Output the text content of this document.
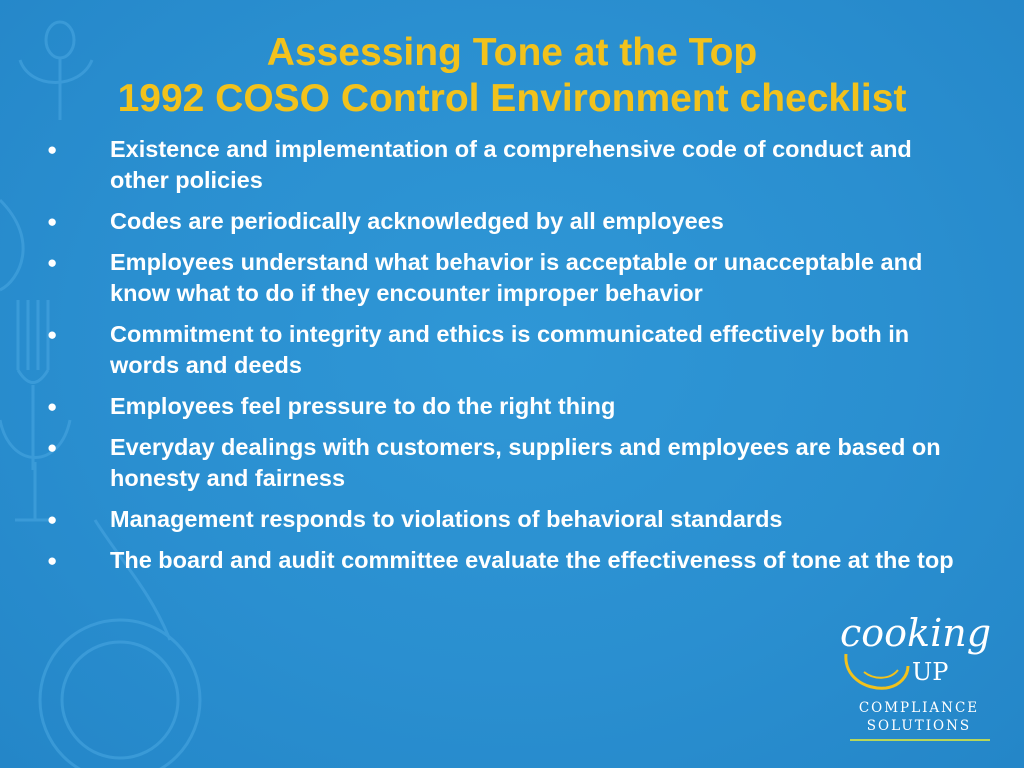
Assessing Tone at the Top
1992 COSO Control Environment checklist
● Existence and implementation of a comprehensive code of conduct and other policies
● Codes are periodically acknowledged by all employees
● Employees understand what behavior is acceptable or unacceptable and know what to do if they encounter improper behavior
● Commitment to integrity and ethics is communicated effectively both in words and deeds
● Employees feel pressure to do the right thing
● Everyday dealings with customers, suppliers and employees are based on honesty and fairness
● Management responds to violations of behavioral standards
● The board and audit committee evaluate the effectiveness of tone at the top
cooking
UP
COMPLIANCE
SOLUTIONS
